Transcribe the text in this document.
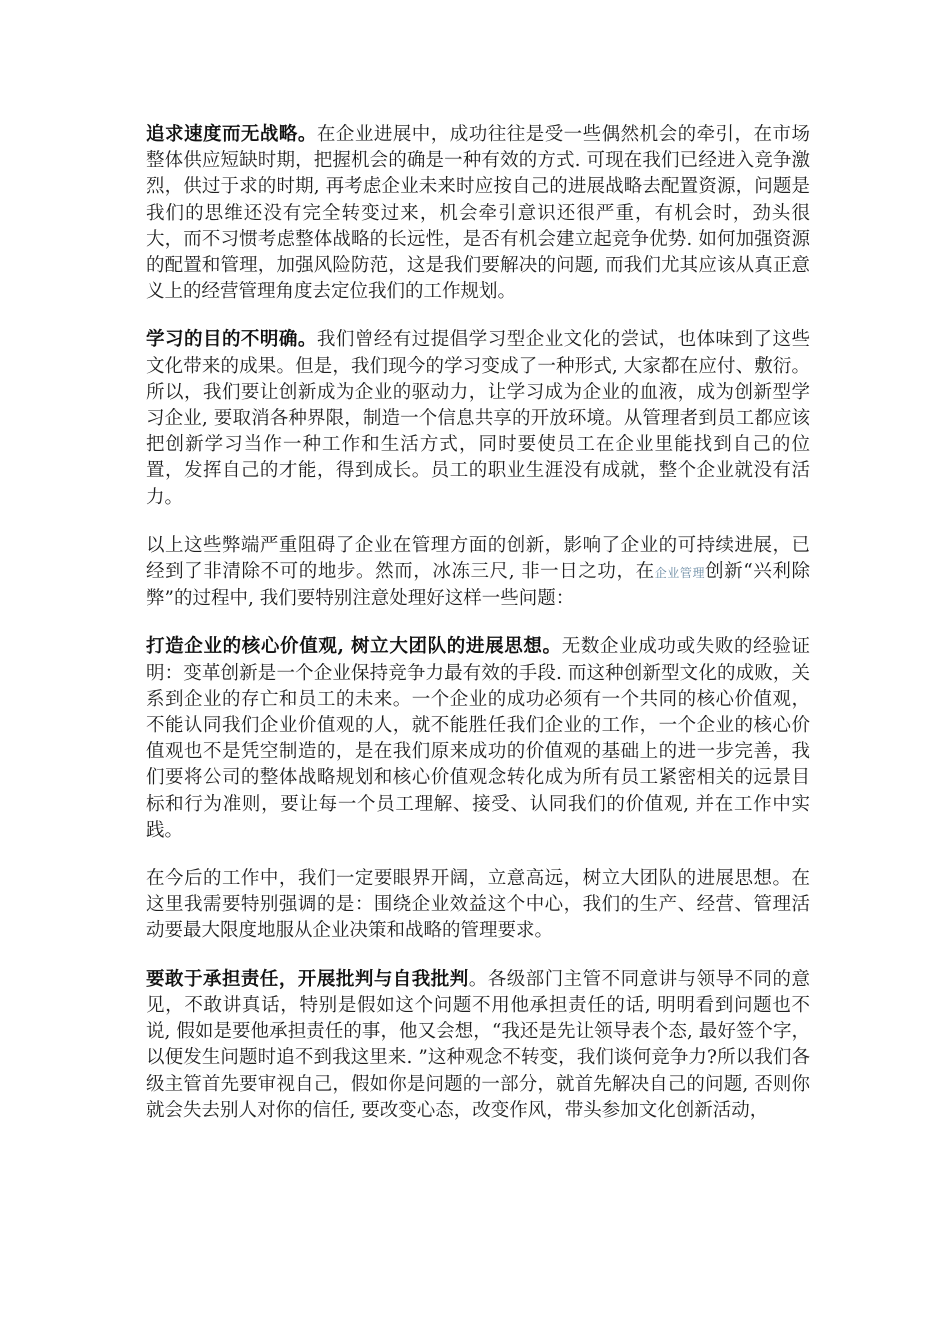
追求速度而无战略。在企业进展中，成功往往是受一些偶然机会的牵引，在市场整体供应短缺时期，把握机会的确是一种有效的方式. 可现在我们已经进入竞争激烈，供过于求的时期, 再考虑企业未来时应按自己的进展战略去配置资源，问题是我们的思维还没有完全转变过来，机会牵引意识还很严重，有机会时，劲头很大，而不习惯考虑整体战略的长远性，是否有机会建立起竞争优势. 如何加强资源的配置和管理，加强风险防范，这是我们要解决的问题, 而我们尤其应该从真正意义上的经营管理角度去定位我们的工作规划。

学习的目的不明确。我们曾经有过提倡学习型企业文化的尝试，也体味到了这些文化带来的成果。但是，我们现今的学习变成了一种形式, 大家都在应付、敷衍。所以，我们要让创新成为企业的驱动力，让学习成为企业的血液，成为创新型学习企业, 要取消各种界限，制造一个信息共享的开放环境。从管理者到员工都应该把创新学习当作一种工作和生活方式，同时要使员工在企业里能找到自己的位置，发挥自己的才能，得到成长。员工的职业生涯没有成就，整个企业就没有活力。

以上这些弊端严重阻碍了企业在管理方面的创新，影响了企业的可持续进展，已经到了非清除不可的地步。然而，冰冻三尺, 非一日之功，在企业管理创新“兴利除弊”的过程中, 我们要特别注意处理好这样一些问题：

打造企业的核心价值观, 树立大团队的进展思想。无数企业成功或失败的经验证明：变革创新是一个企业保持竞争力最有效的手段. 而这种创新型文化的成败，关系到企业的存亡和员工的未来。一个企业的成功必须有一个共同的核心价值观，不能认同我们企业价值观的人，就不能胜任我们企业的工作，一个企业的核心价值观也不是凭空制造的，是在我们原来成功的价值观的基础上的进一步完善，我们要将公司的整体战略规划和核心价值观念转化成为所有员工紧密相关的远景目标和行为准则，要让每一个员工理解、接受、认同我们的价值观, 并在工作中实践。

在今后的工作中，我们一定要眼界开阔，立意高远，树立大团队的进展思想。在这里我需要特别强调的是：围绕企业效益这个中心，我们的生产、经营、管理活动要最大限度地服从企业决策和战略的管理要求。

要敢于承担责任，开展批判与自我批判。各级部门主管不同意讲与领导不同的意见，不敢讲真话，特别是假如这个问题不用他承担责任的话, 明明看到问题也不说, 假如是要他承担责任的事，他又会想，“我还是先让领导表个态, 最好签个字，以便发生问题时追不到我这里来. ”这种观念不转变，我们谈何竞争力?所以我们各级主管首先要审视自己，假如你是问题的一部分，就首先解决自己的问题, 否则你就会失去别人对你的信任, 要改变心态，改变作风，带头参加文化创新活动，
